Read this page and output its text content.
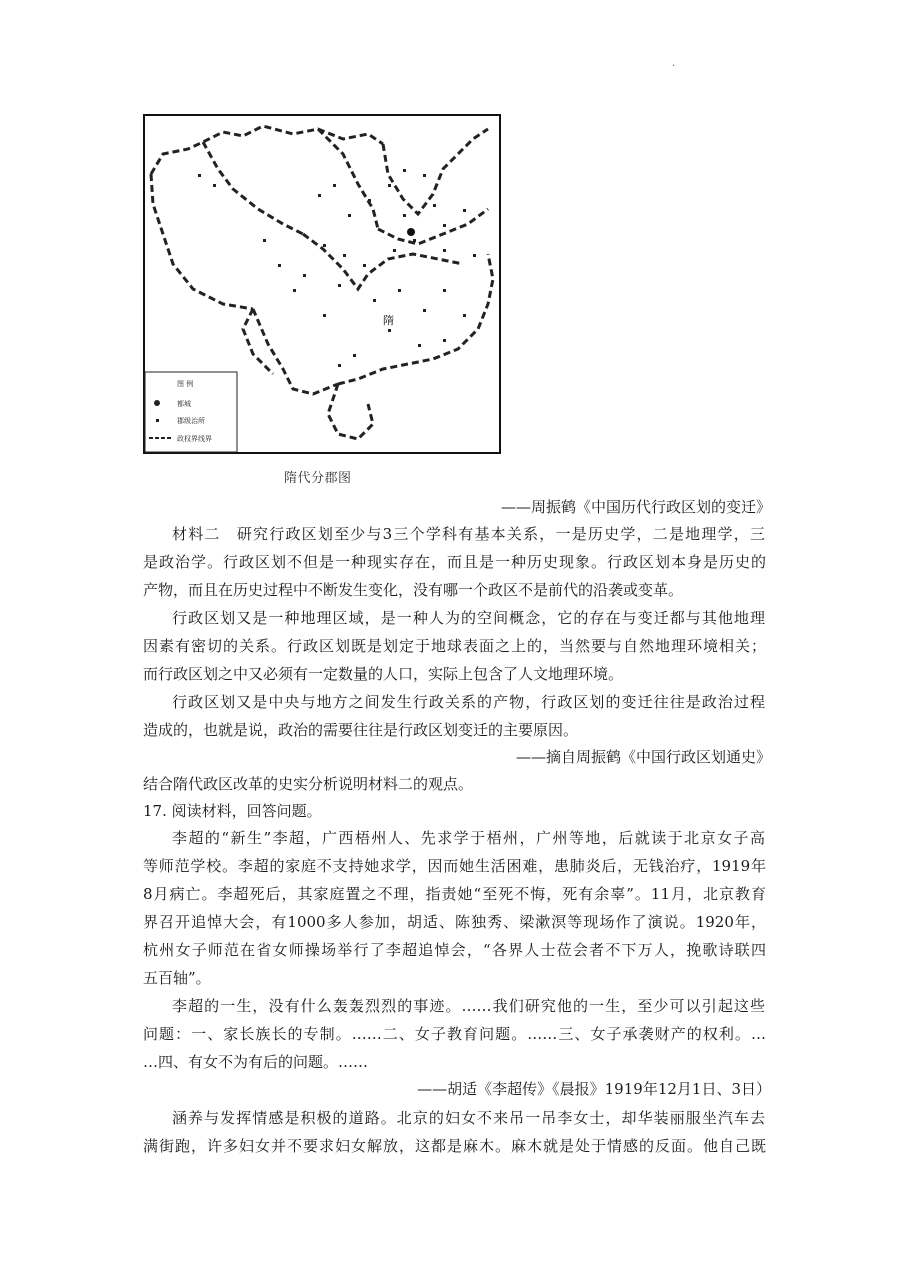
.
隋
图 例
都城
郡级治所
政权界线界
隋代分郡图
——周振鹤《中国历代行政区划的变迁》
材料二　研究行政区划至少与3三个学科有基本关系，一是历史学，二是地理学，三
是政治学。行政区划不但是一种现实存在，而且是一种历史现象。行政区划本身是历史的
产物，而且在历史过程中不断发生变化，没有哪一个政区不是前代的沿袭或变革。
行政区划又是一种地理区域，是一种人为的空间概念，它的存在与变迁都与其他地理
因素有密切的关系。行政区划既是划定于地球表面之上的，当然要与自然地理环境相关；
而行政区划之中又必须有一定数量的人口，实际上包含了人文地理环境。
行政区划又是中央与地方之间发生行政关系的产物，行政区划的变迁往往是政治过程
造成的，也就是说，政治的需要往往是行政区划变迁的主要原因。
——摘自周振鹤《中国行政区划通史》
结合隋代政区改革的史实分析说明材料二的观点。
17. 阅读材料，回答问题。
李超的“新生”李超，广西梧州人、先求学于梧州，广州等地，后就读于北京女子高
等师范学校。李超的家庭不支持她求学，因而她生活困难，患肺炎后，无钱治疗，1919年
8月病亡。李超死后，其家庭置之不理，指责她“至死不悔，死有余辜”。11月，北京教育
界召开追悼大会，有1000多人参加，胡适、陈独秀、梁漱溟等现场作了演说。1920年，
杭州女子师范在省女师操场举行了李超追悼会，“各界人士莅会者不下万人，挽歌诗联四
五百轴”。
李超的一生，没有什么轰轰烈烈的事迹。……我们研究他的一生，至少可以引起这些
问题：一、家长族长的专制。……二、女子教育问题。……三、女子承袭财产的权利。…
…四、有女不为有后的问题。……
——胡适《李超传》《晨报》1919年12月1日、3日）
涵养与发挥情感是积极的道路。北京的妇女不来吊一吊李女士，却华装丽服坐汽车去
满街跑，许多妇女并不要求妇女解放，这都是麻木。麻木就是处于情感的反面。他自己既
